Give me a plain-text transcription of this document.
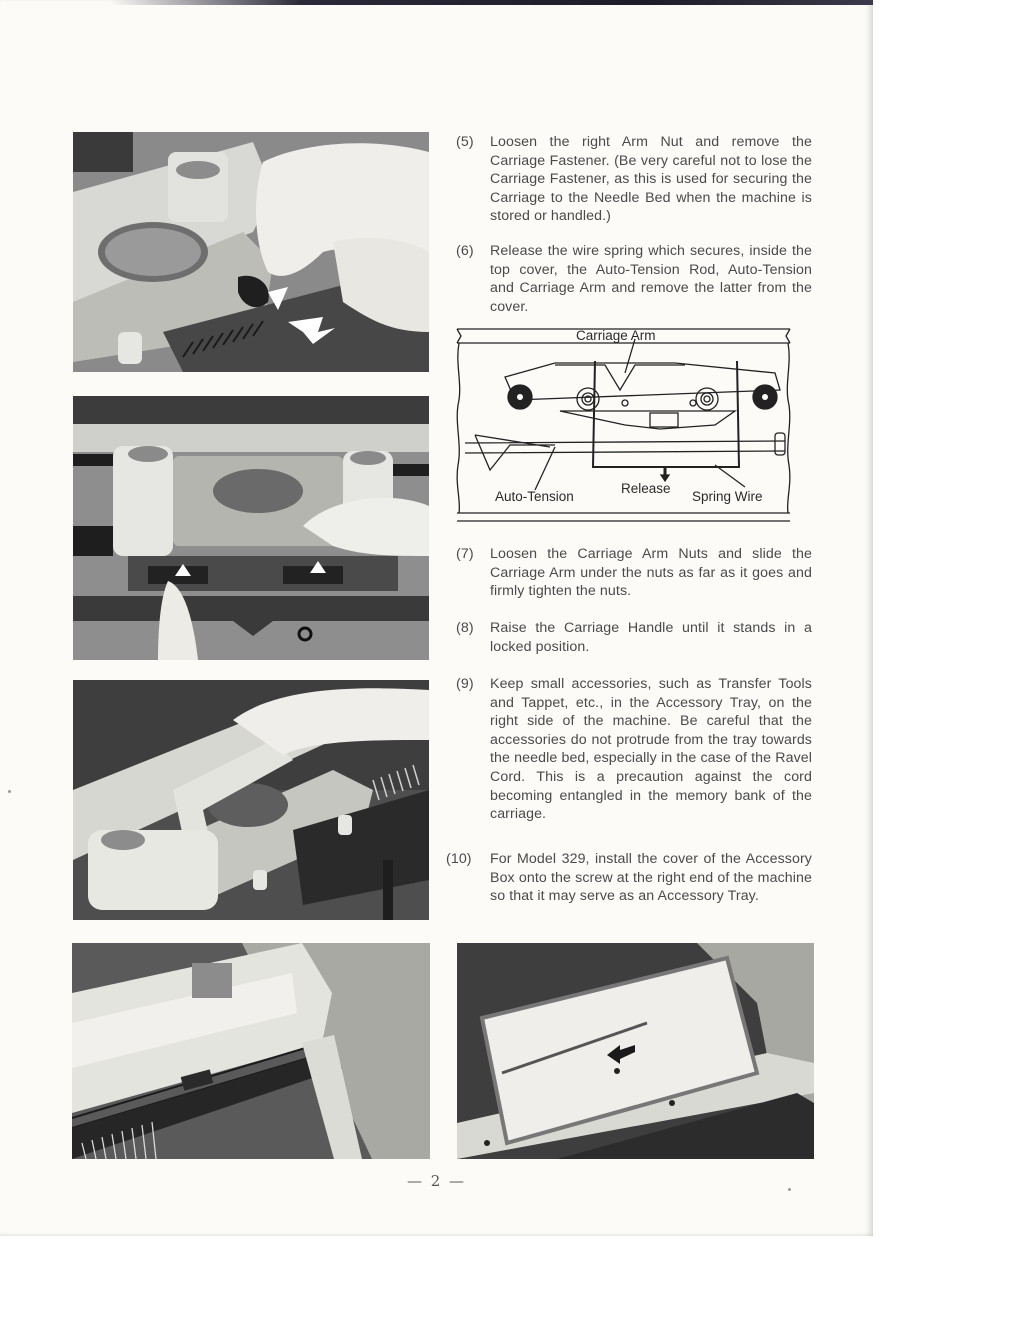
(5)	Loosen the right Arm Nut and remove the Carriage Fastener. (Be very careful not to lose the Carriage Fastener, as this is used for securing the Carriage to the Needle Bed when the machine is stored or handled.)
(6)	Release the wire spring which secures, inside the top cover, the Auto-Tension Rod, Auto-Tension and Carriage Arm and remove the latter from the cover.
Carriage Arm
Auto-Tension
Release
Spring Wire
(7)	Loosen the Carriage Arm Nuts and slide the Carriage Arm under the nuts as far as it goes and firmly tighten the nuts.
(8)	Raise the Carriage Handle until it stands in a locked position.
(9)	Keep small accessories, such as Transfer Tools and Tappet, etc., in the Accessory Tray, on the right side of the machine. Be careful that the accessories do not protrude from the tray towards the needle bed, especially in the case of the Ravel Cord. This is a precaution against the cord becoming entangled in the memory bank of the carriage.
(10)	For Model 329, install the cover of the Accessory Box onto the screw at the right end of the machine so that it may serve as an Accessory Tray.
— 2 —
